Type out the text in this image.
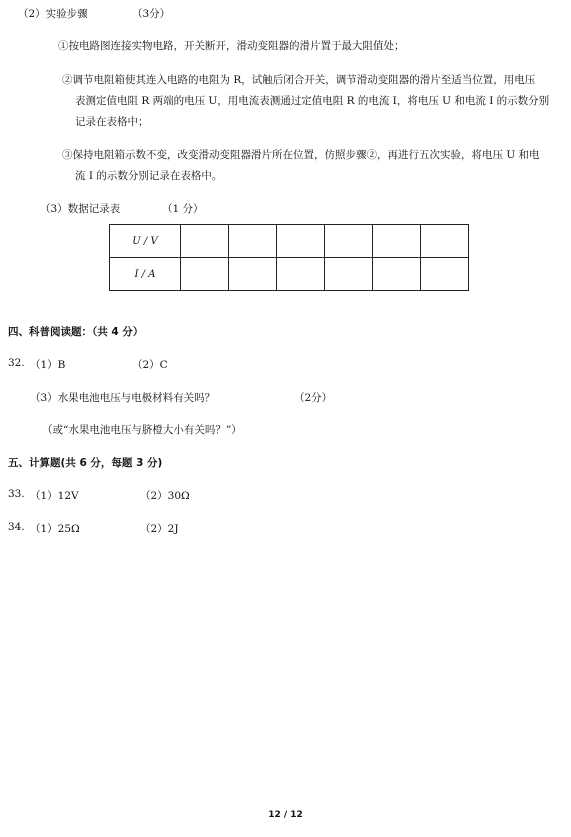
（2）实验步骤	（3分）
①按电路图连接实物电路，开关断开，滑动变阻器的滑片置于最大阻值处；
②调节电阻箱使其连入电路的电阻为 R，试触后闭合开关，调节滑动变阻器的滑片至适当位置，用电压
表测定值电阻 R 两端的电压 U，用电流表测通过定值电阻 R 的电流 I，将电压 U 和电流 I 的示数分别
记录在表格中；
③保持电阻箱示数不变，改变滑动变阻器滑片所在位置，仿照步骤②，再进行五次实验，将电压 U 和电
流 I 的示数分别记录在表格中。
（3）数据记录表	（1 分）
U / V						
I / A						
四、科普阅读题：（共 4 分）
32. （1）B	（2）C
（3）水果电池电压与电极材料有关吗？	（2分）
（或“水果电池电压与脐橙大小有关吗？”）
五、计算题(共 6 分，每题 3 分)
33. （1）12V	（2）30Ω
34. （1）25Ω	（2）2J
12 / 12
